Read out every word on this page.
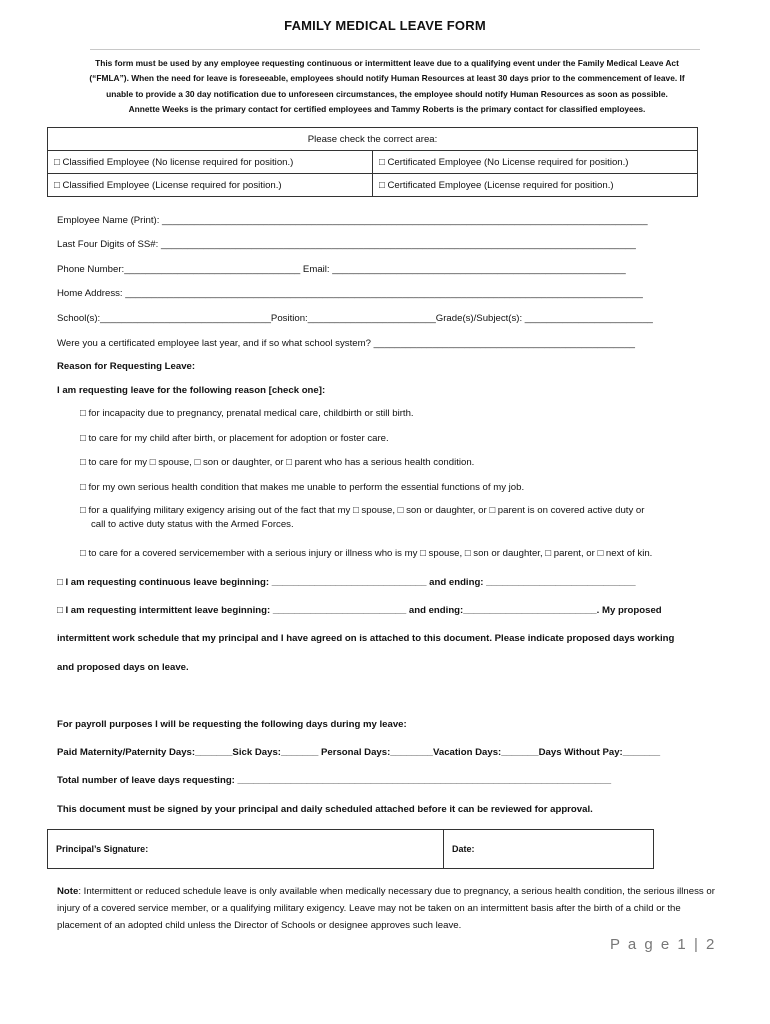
FAMILY MEDICAL LEAVE FORM
This form must be used by any employee requesting continuous or intermittent leave due to a qualifying event under the Family Medical Leave Act
(“FMLA”). When the need for leave is foreseeable, employees should notify Human Resources at least 30 days prior to the commencement of leave. If
unable to provide a 30 day notification due to unforeseen circumstances, the employee should notify Human Resources as soon as possible.
Annette Weeks is the primary contact for certified employees and Tammy Roberts is the primary contact for classified employees.
Please check the correct area:	
□ Classified Employee (No license required for position.)	□ Certificated Employee (No License required for position.)
□ Classified Employee (License required for position.)	□ Certificated Employee (License required for position.)
Employee Name (Print): ___________________________________________________________________________________________
Last Four Digits of SS#: _________________________________________________________________________________________
Phone Number:_________________________________ Email: _______________________________________________________
Home Address: _________________________________________________________________________________________________
School(s):________________________________Position:________________________Grade(s)/Subject(s): ________________________
Were you a certificated employee last year, and if so what school system? _________________________________________________
Reason for Requesting Leave:
I am requesting leave for the following reason [check one]:
□ for incapacity due to pregnancy, prenatal medical care, childbirth or still birth.
□ to care for my child after birth, or placement for adoption or foster care.
□ to care for my □ spouse, □ son or daughter, or □ parent who has a serious health condition.
□ for my own serious health condition that makes me unable to perform the essential functions of my job.
□ for a qualifying military exigency arising out of the fact that my □ spouse, □ son or daughter, or □ parent is on covered active duty or
call to active duty status with the Armed Forces.
□ to care for a covered servicemember with a serious injury or illness who is my □ spouse, □ son or daughter, □ parent, or □ next of kin.
□ I am requesting continuous leave beginning: _____________________________ and ending: ____________________________
□ I am requesting intermittent leave beginning: _________________________ and ending:_________________________. My proposed
intermittent work schedule that my principal and I have agreed on is attached to this document. Please indicate proposed days working
and proposed days on leave.
For payroll purposes I will be requesting the following days during my leave:
Paid Maternity/Paternity Days:_______Sick Days:_______ Personal Days:________Vacation Days:_______Days Without Pay:_______
Total number of leave days requesting: ______________________________________________________________________
This document must be signed by your principal and daily scheduled attached before it can be reviewed for approval.
Principal’s Signature:	Date:
Note: Intermittent or reduced schedule leave is only available when medically necessary due to pregnancy, a serious health condition, the serious illness or injury of a covered service member, or a qualifying military exigency. Leave may not be taken on an intermittent basis after the birth of a child or the placement of an adopted child unless the Director of Schools or designee approves such leave.
P a g e 1 | 2
